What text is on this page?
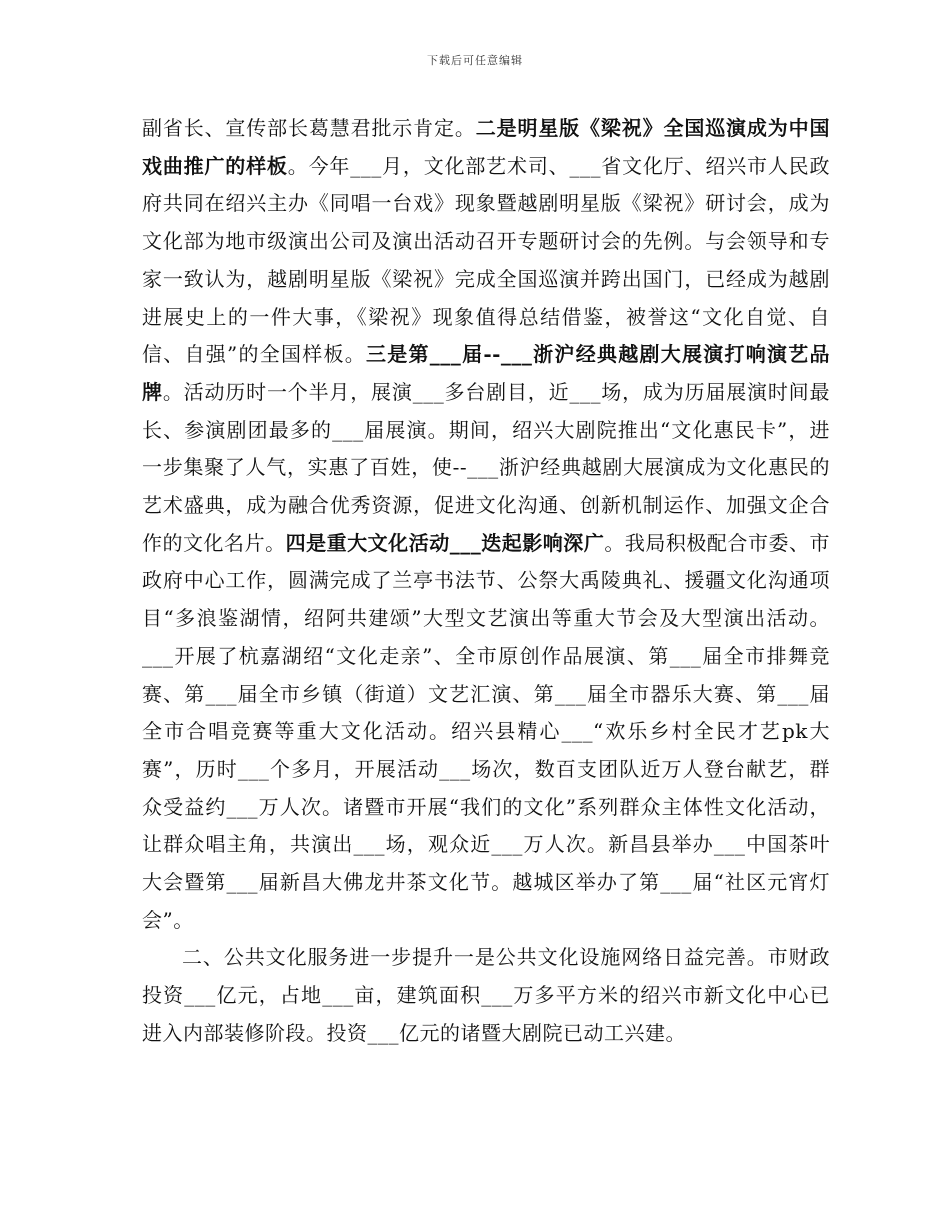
下载后可任意编辑

副省长、宣传部长葛慧君批示肯定。二是明星版《梁祝》全国巡演成为中国戏曲推广的样板。今年___月，文化部艺术司、___省文化厅、绍兴市人民政府共同在绍兴主办《同唱一台戏》现象暨越剧明星版《梁祝》研讨会，成为文化部为地市级演出公司及演出活动召开专题研讨会的先例。与会领导和专家一致认为，越剧明星版《梁祝》完成全国巡演并跨出国门，已经成为越剧进展史上的一件大事，《梁祝》现象值得总结借鉴，被誉这“文化自觉、自信、自强”的全国样板。三是第___届--___浙沪经典越剧大展演打响演艺品牌。活动历时一个半月，展演___多台剧目，近___场，成为历届展演时间最长、参演剧团最多的___届展演。期间，绍兴大剧院推出“文化惠民卡”，进一步集聚了人气，实惠了百姓，使--___浙沪经典越剧大展演成为文化惠民的艺术盛典，成为融合优秀资源，促进文化沟通、创新机制运作、加强文企合作的文化名片。四是重大文化活动___迭起影响深广。我局积极配合市委、市政府中心工作，圆满完成了兰亭书法节、公祭大禹陵典礼、援疆文化沟通项目“多浪鉴湖情，绍阿共建颂”大型文艺演出等重大节会及大型演出活动。___开展了杭嘉湖绍“文化走亲”、全市原创作品展演、第___届全市排舞竞赛、第___届全市乡镇（街道）文艺汇演、第___届全市器乐大赛、第___届全市合唱竞赛等重大文化活动。绍兴县精心___“欢乐乡村全民才艺pk大赛”，历时___个多月，开展活动___场次，数百支团队近万人登台献艺，群众受益约___万人次。诸暨市开展“我们的文化”系列群众主体性文化活动，让群众唱主角，共演出___场，观众近___万人次。新昌县举办___中国茶叶大会暨第___届新昌大佛龙井茶文化节。越城区举办了第___届“社区元宵灯会”。

二、公共文化服务进一步提升一是公共文化设施网络日益完善。市财政投资___亿元，占地___亩，建筑面积___万多平方米的绍兴市新文化中心已进入内部装修阶段。投资___亿元的诸暨大剧院已动工兴建。
